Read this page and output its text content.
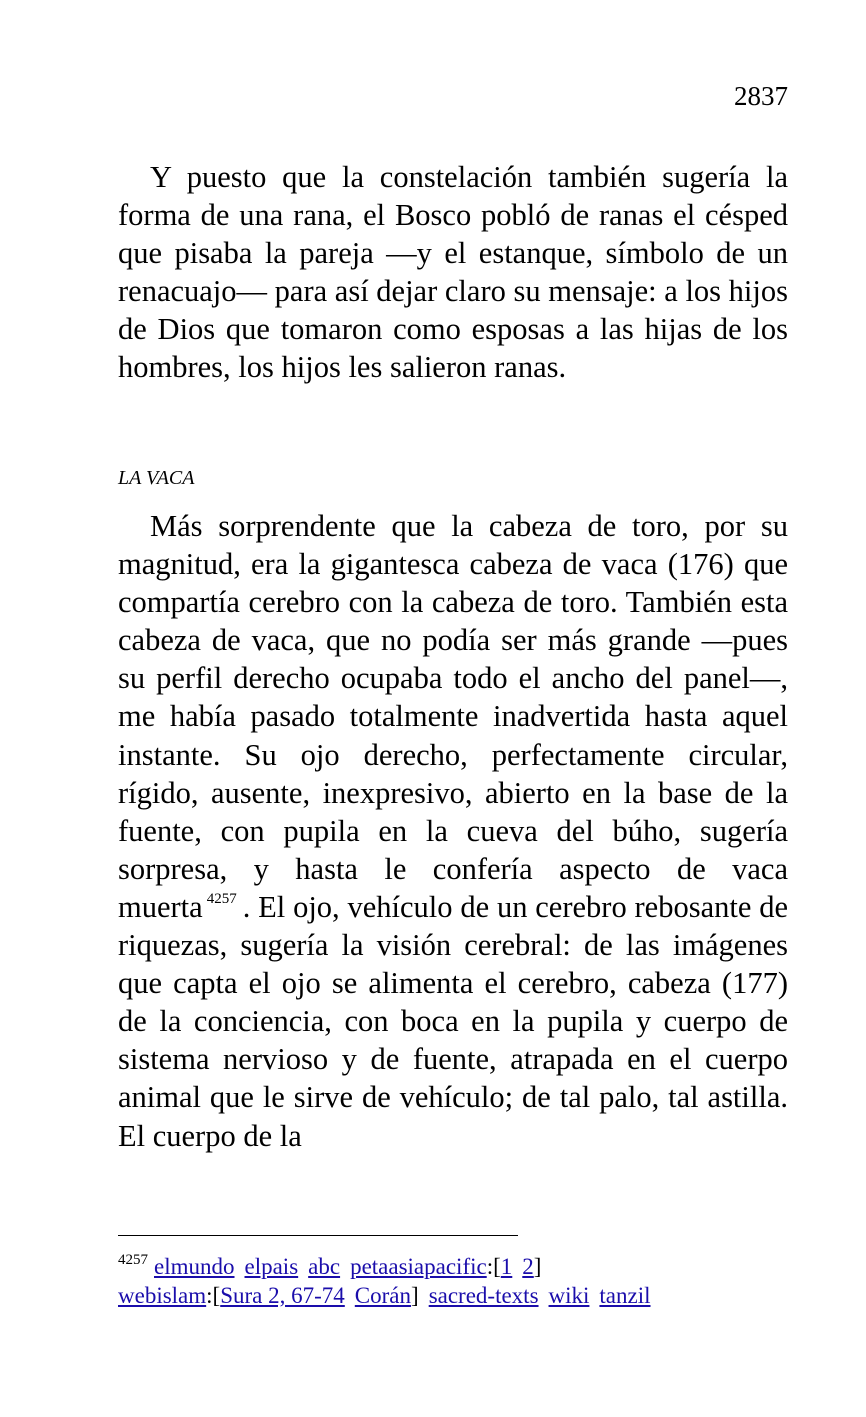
2837

Y puesto que la constelación también sugería la forma de una rana, el Bosco pobló de ranas el césped que pisaba la pareja —y el estanque, símbolo de un renacuajo— para así dejar claro su mensaje: a los hijos de Dios que tomaron como esposas a las hijas de los hombres, los hijos les salieron ranas.

LA VACA

Más sorprendente que la cabeza de toro, por su magnitud, era la gigantesca cabeza de vaca (176) que compartía cerebro con la cabeza de toro. También esta cabeza de vaca, que no podía ser más grande —pues su perfil derecho ocupaba todo el ancho del panel—, me había pasado totalmente inadvertida hasta aquel instante. Su ojo derecho, perfectamente circular, rígido, ausente, inexpresivo, abierto en la base de la fuente, con pupila en la cueva del búho, sugería sorpresa, y hasta le confería aspecto de vaca muerta $^{4257}$ . El ojo, vehículo de un cerebro rebosante de riquezas, sugería la visión cerebral: de las imágenes que capta el ojo se alimenta el cerebro, cabeza (177) de la conciencia, con boca en la pupila y cuerpo de sistema nervioso y de fuente, atrapada en el cuerpo animal que le sirve de vehículo; de tal palo, tal astilla. El cuerpo de la

$^{4257}$ elmundo elpais abc petaasiapacific:[1 2]
webislam:[Sura 2, 67-74 Corán] sacred-texts wiki tanzil
